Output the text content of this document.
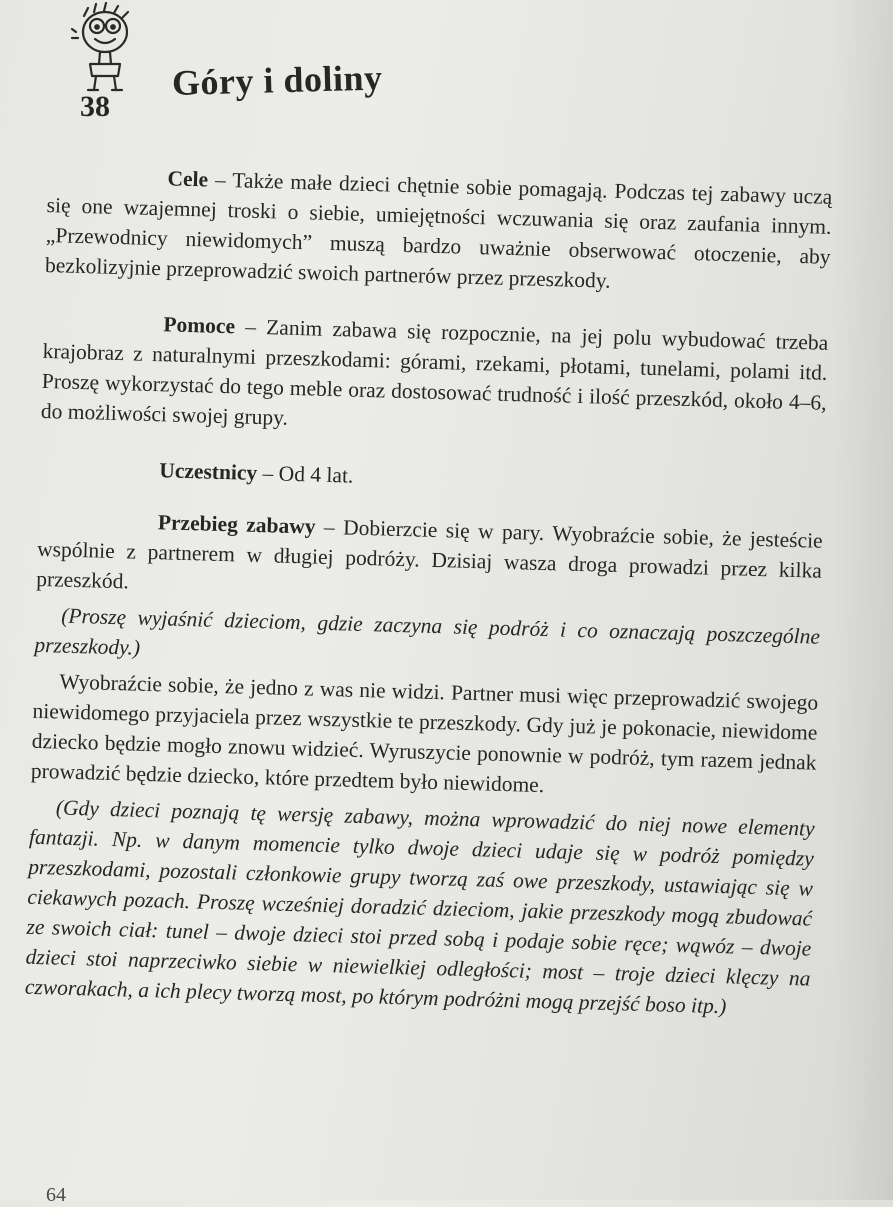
38

Góry i doliny

Cele – Także małe dzieci chętnie sobie pomagają. Podczas tej zabawy uczą się one wzajemnej troski o siebie, umiejętności wczuwania się oraz zaufania innym. „Przewodnicy niewidomych” muszą bardzo uważnie obserwować otoczenie, aby bezkolizyjnie przeprowadzić swoich partnerów przez przeszkody.

Pomoce – Zanim zabawa się rozpocznie, na jej polu wybudować trzeba krajobraz z naturalnymi przeszkodami: górami, rzekami, płotami, tunelami, polami itd. Proszę wykorzystać do tego meble oraz dostosować trudność i ilość przeszkód, około 4–6, do możliwości swojej grupy.

Uczestnicy – Od 4 lat.

Przebieg zabawy – Dobierzcie się w pary. Wyobraźcie sobie, że jesteście wspólnie z partnerem w długiej podróży. Dzisiaj wasza droga prowadzi przez kilka przeszkód.

(Proszę wyjaśnić dzieciom, gdzie zaczyna się podróż i co oznaczają poszczególne przeszkody.)

Wyobraźcie sobie, że jedno z was nie widzi. Partner musi więc przeprowadzić swojego niewidomego przyjaciela przez wszystkie te przeszkody. Gdy już je pokonacie, niewidome dziecko będzie mogło znowu widzieć. Wyruszycie ponownie w podróż, tym razem jednak prowadzić będzie dziecko, które przedtem było niewidome.

(Gdy dzieci poznają tę wersję zabawy, można wprowadzić do niej nowe elementy fantazji. Np. w danym momencie tylko dwoje dzieci udaje się w podróż pomiędzy przeszkodami, pozostali członkowie grupy tworzą zaś owe przeszkody, ustawiając się w ciekawych pozach. Proszę wcześniej doradzić dzieciom, jakie przeszkody mogą zbudować ze swoich ciał: tunel – dwoje dzieci stoi przed sobą i podaje sobie ręce; wąwóz – dwoje dzieci stoi naprzeciwko siebie w niewielkiej odległości; most – troje dzieci klęczy na czworakach, a ich plecy tworzą most, po którym podróżni mogą przejść boso itp.)

64
